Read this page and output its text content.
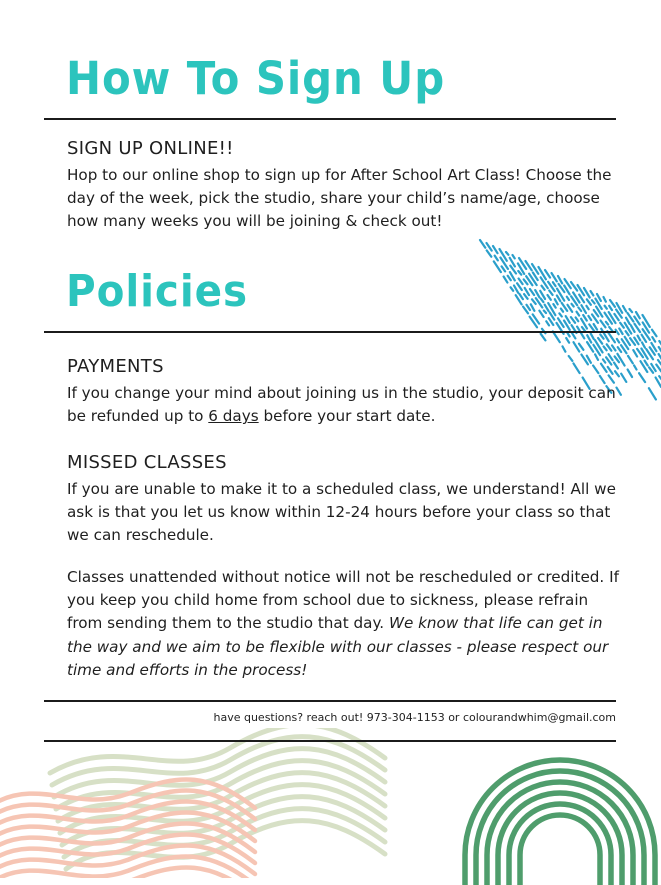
How To Sign Up
SIGN UP ONLINE!!

Hop to our online shop to sign up for After School Art Class! Choose the day of the week, pick the studio, share your child’s name/age, choose how many weeks you will be joining & check out!

Policies
PAYMENTS

If you change your mind about joining us in the studio, your deposit can be refunded up to 6 days before your start date.

MISSED CLASSES

If you are unable to make it to a scheduled class, we understand! All we ask is that you let us know within 12-24 hours before your class so that we can reschedule.

Classes unattended without notice will not be rescheduled or credited. If you keep you child home from school due to sickness, please refrain from sending them to the studio that day. We know that life can get in the way and we aim to be flexible with our classes - please respect our time and efforts in the process!

have questions? reach out! 973-304-1153 or colourandwhim@gmail.com
